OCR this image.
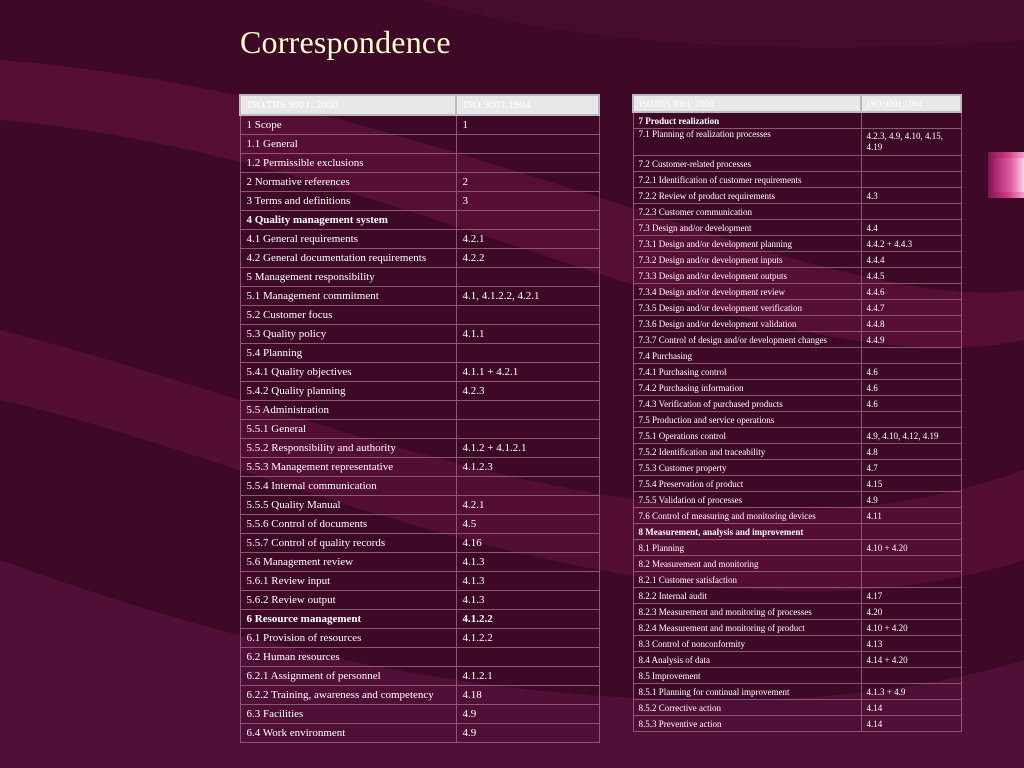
Correspondence
ISO/DIS 9001: 2000	ISO 9001:1994
1 Scope	1
1.1 General	
1.2 Permissible exclusions	
2 Normative references	2
3 Terms and definitions	3
4 Quality management system	
4.1 General requirements	4.2.1
4.2 General documentation requirements	4.2.2
5 Management responsibility	
5.1 Management commitment	4.1, 4.1.2.2, 4.2.1
5.2 Customer focus	
5.3 Quality policy	4.1.1
5.4 Planning	
5.4.1 Quality objectives	4.1.1 + 4.2.1
5.4.2 Quality planning	4.2.3
5.5 Administration	
5.5.1 General	
5.5.2 Responsibility and authority	4.1.2 + 4.1.2.1
5.5.3 Management representative	4.1.2.3
5.5.4 Internal communication	
5.5.5 Quality Manual	4.2.1
5.5.6 Control of documents	4.5
5.5.7 Control of quality records	4.16
5.6 Management review	4.1.3
5.6.1 Review input	4.1.3
5.6.2 Review output	4.1.3
6 Resource management	4.1.2.2
6.1 Provision of resources	4.1.2.2
6.2 Human resources	
6.2.1 Assignment of personnel	4.1.2.1
6.2.2 Training, awareness and competency	4.18
6.3 Facilities	4.9
6.4 Work environment	4.9
ISO/DIS 9001: 2000	ISO 9001:1994
7 Product realization	
7.1 Planning of realization processes	4.2.3, 4.9, 4.10, 4.15, 4.19
7.2 Customer-related processes	
7.2.1 Identification of customer requirements	
7.2.2 Review of product requirements	4.3
7.2.3 Customer communication	
7.3 Design and/or development	4.4
7.3.1 Design and/or development planning	4.4.2 + 4.4.3
7.3.2 Design and/or development inputs	4.4.4
7.3.3 Design and/or development outputs	4.4.5
7.3.4 Design and/or development review	4.4.6
7.3.5 Design and/or development verification	4.4.7
7.3.6 Design and/or development validation	4.4.8
7.3.7 Control of design and/or development changes	4.4.9
7.4 Purchasing	
7.4.1 Purchasing control	4.6
7.4.2 Purchasing information	4.6
7.4.3 Verification of purchased products	4.6
7.5 Production and service operations	
7.5.1 Operations control	4.9, 4.10, 4.12, 4.19
7.5.2 Identification and traceability	4.8
7.5.3 Customer property	4.7
7.5.4 Preservation of product	4.15
7.5.5 Validation of processes	4.9
7.6 Control of measuring and monitoring devices	4.11
8 Measurement, analysis and improvement	
8.1 Planning	4.10 + 4.20
8.2 Measurement and monitoring	
8.2.1 Customer satisfaction	
8.2.2 Internal audit	4.17
8.2.3 Measurement and monitoring of processes	4.20
8.2.4 Measurement and monitoring of product	4.10 + 4.20
8.3 Control of nonconformity	4.13
8.4 Analysis of data	4.14 + 4.20
8.5 Improvement	
8.5.1 Planning for continual improvement	4.1.3 + 4.9
8.5.2 Corrective action	4.14
8.5.3 Preventive action	4.14
